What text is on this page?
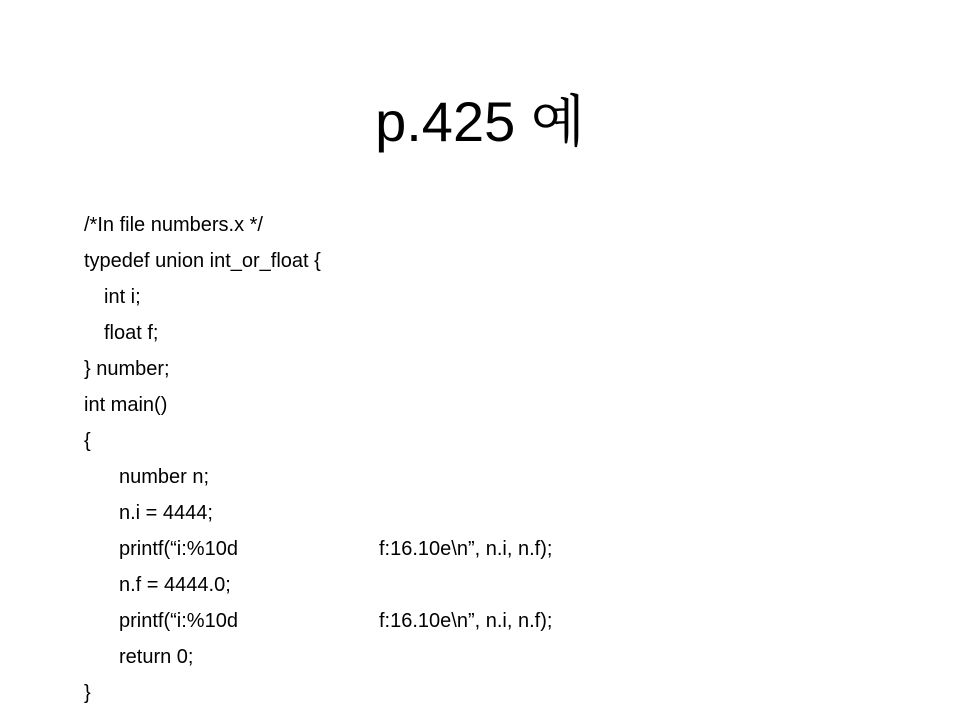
p.425 예
/*In file numbers.x */
typedef union int_or_float {
int i;
float f;
} number;
int main()
{
number n;
n.i = 4444;
printf(“i:%10d	f:16.10e\n”, n.i, n.f);
n.f = 4444.0;
printf(“i:%10d	f:16.10e\n”, n.i, n.f);
return 0;
}
